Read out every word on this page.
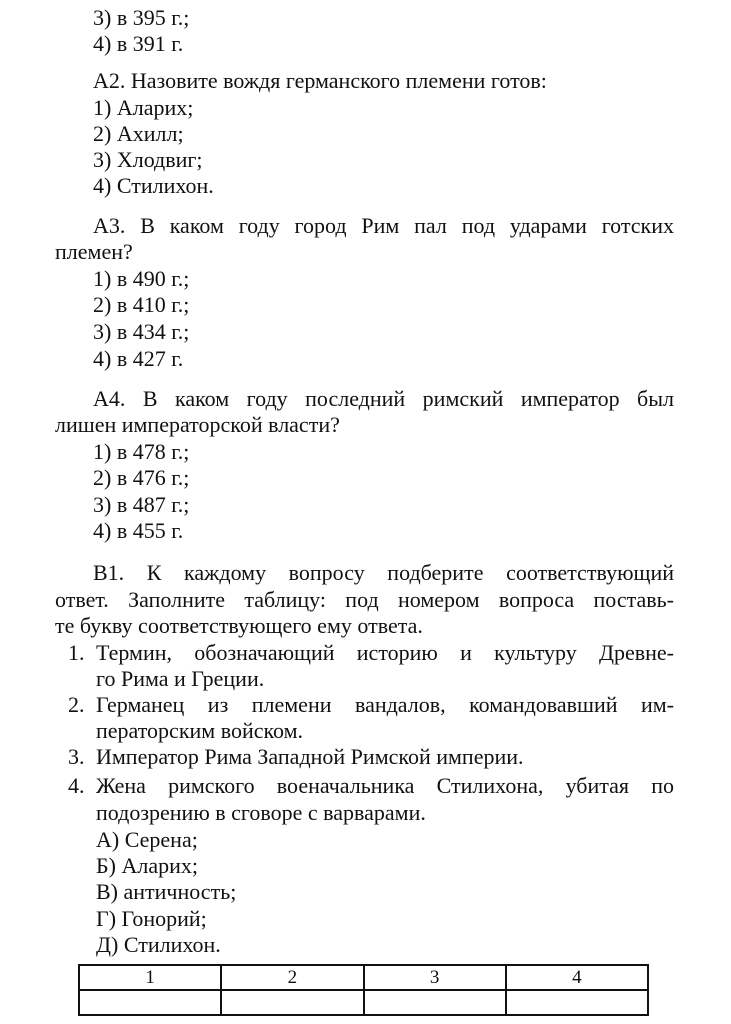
3) в 395 г.;
4) в 391 г.
А2. Назовите вождя германского племени готов:
1) Аларих;
2) Ахилл;
3) Хлодвиг;
4) Стилихон.
А3. В каком году город Рим пал под ударами готских
племен?
1) в 490 г.;
2) в 410 г.;
3) в 434 г.;
4) в 427 г.
А4. В каком году последний римский император был
лишен императорской власти?
1) в 478 г.;
2) в 476 г.;
3) в 487 г.;
4) в 455 г.
В1. К каждому вопросу подберите соответствующий
ответ. Заполните таблицу: под номером вопроса поставь-
те букву соответствующего ему ответа.
1. Термин, обозначающий историю и культуру Древне-
го Рима и Греции.
2. Германец из племени вандалов, командовавший им-
ператорским войском.
3. Император Рима Западной Римской империи.
4. Жена римского военачальника Стилихона, убитая по
подозрению в сговоре с варварами.
А) Серена;
Б) Аларих;
В) античность;
Г) Гонорий;
Д) Стилихон.
1	2	3	4
